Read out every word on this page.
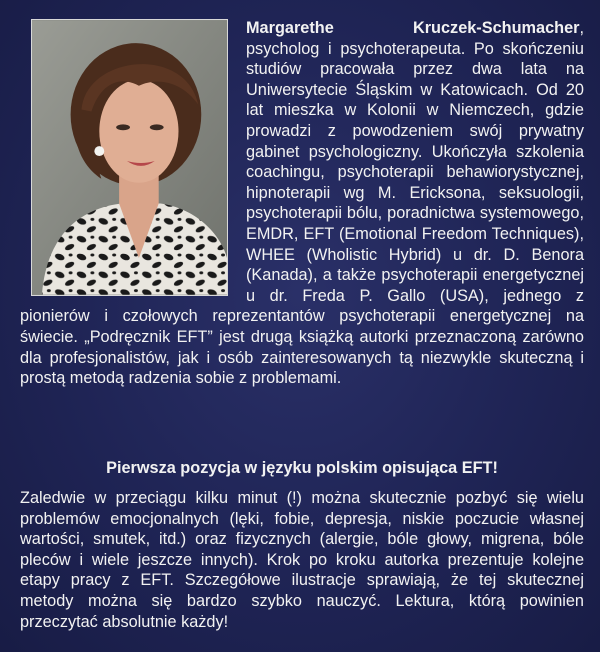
Margarethe Kruczek-Schumacher, psycholog i psychoterapeuta. Po skończeniu studiów pracowała przez dwa lata na Uniwersytecie Śląskim w Katowicach. Od 20 lat mieszka w Kolonii w Niemczech, gdzie prowadzi z powodzeniem swój prywatny gabinet psychologiczny. Ukończyła szkolenia coachingu, psychoterapii behawiorystycznej, hipnoterapii wg M. Ericksona, seksuologii, psychoterapii bólu, poradnictwa systemowego, EMDR, EFT (Emotional Freedom Techniques), WHEE (Wholistic Hybrid) u dr. D. Benora (Kanada), a także psychoterapii energetycznej u dr. Freda P. Gallo (USA), jednego z pionierów i czołowych reprezentantów psychoterapii energetycznej na świecie. „Podręcznik EFT” jest drugą książką autorki przeznaczoną zarówno dla profesjonalistów, jak i osób zainteresowanych tą niezwykle skuteczną i prostą metodą radzenia sobie z problemami.

Pierwsza pozycja w języku polskim opisująca EFT!

Zaledwie w przeciągu kilku minut (!) można skutecznie pozbyć się wielu problemów emocjonalnych (lęki, fobie, depresja, niskie poczucie własnej wartości, smutek, itd.) oraz fizycznych (alergie, bóle głowy, migrena, bóle pleców i wiele jeszcze innych). Krok po kroku autorka prezentuje kolejne etapy pracy z EFT. Szczegółowe ilustracje sprawiają, że tej skutecznej metody można się bardzo szybko nauczyć. Lektura, którą powinien przeczytać absolutnie każdy!
